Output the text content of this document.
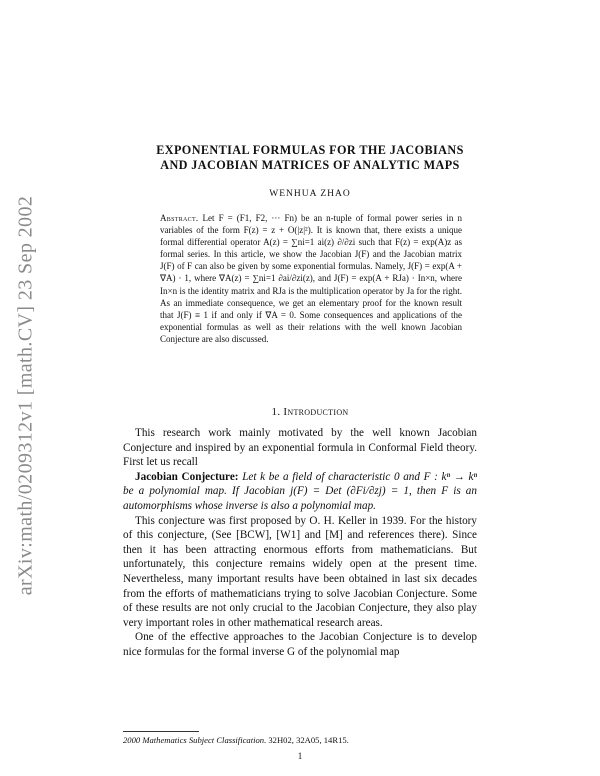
arXiv:math/0209312v1 [math.CV] 23 Sep 2002
EXPONENTIAL FORMULAS FOR THE JACOBIANS
AND JACOBIAN MATRICES OF ANALYTIC MAPS
WENHUA ZHAO
Abstract. Let F = (F1, F2, ··· Fn) be an n-tuple of formal power series in n variables of the form F(z) = z + O(|z|²). It is known that, there exists a unique formal differential operator A(z) = ∑ni=1 ai(z) ∂/∂zi such that F(z) = exp(A)z as formal series. In this article, we show the Jacobian J(F) and the Jacobian matrix J(F) of F can also be given by some exponential formulas. Namely, J(F) = exp(A + ∇A) · 1, where ∇A(z) = ∑ni=1 ∂ai/∂zi(z), and J(F) = exp(A + RJa) · In×n, where In×n is the identity matrix and RJa is the multiplication operator by Ja for the right. As an immediate consequence, we get an elementary proof for the known result that J(F) ≡ 1 if and only if ∇A = 0. Some consequences and applications of the exponential formulas as well as their relations with the well known Jacobian Conjecture are also discussed.
1. Introduction

This research work mainly motivated by the well known Jacobian Conjecture and inspired by an exponential formula in Conformal Field theory. First let us recall

Jacobian Conjecture: Let k be a field of characteristic 0 and F : kⁿ → kⁿ be a polynomial map. If Jacobian j(F) = Det (∂Fi/∂zj) = 1, then F is an automorphisms whose inverse is also a polynomial map.

This conjecture was first proposed by O. H. Keller in 1939. For the history of this conjecture, (See [BCW], [W1] and [M] and references there). Since then it has been attracting enormous efforts from mathematicians. But unfortunately, this conjecture remains widely open at the present time. Nevertheless, many important results have been obtained in last six decades from the efforts of mathematicians trying to solve Jacobian Conjecture. Some of these results are not only crucial to the Jacobian Conjecture, they also play very important roles in other mathematical research areas.

One of the effective approaches to the Jacobian Conjecture is to develop nice formulas for the formal inverse G of the polynomial map

2000 Mathematics Subject Classification. 32H02, 32A05, 14R15.
1
